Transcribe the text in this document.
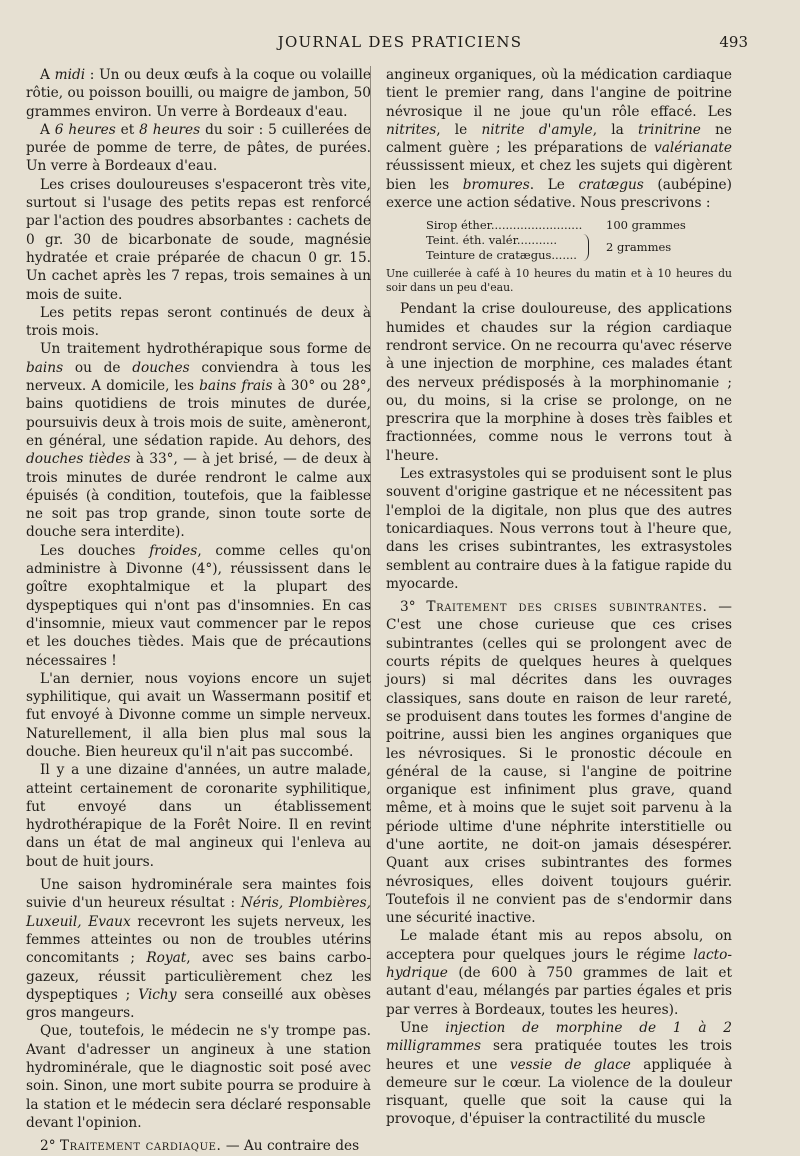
JOURNAL DES PRATICIENS	493

A midi : Un ou deux œufs à la coque ou volaille rôtie, ou poisson bouilli, ou maigre de jambon, 50 grammes environ. Un verre à Bordeaux d'eau.

A 6 heures et 8 heures du soir : 5 cuillerées de purée de pomme de terre, de pâtes, de purées. Un verre à Bordeaux d'eau.

Les crises douloureuses s'espaceront très vite, surtout si l'usage des petits repas est renforcé par l'action des poudres absorbantes : cachets de 0 gr. 30 de bicarbonate de soude, magnésie hydratée et craie préparée de chacun 0 gr. 15. Un cachet après les 7 repas, trois semaines à un mois de suite.

Les petits repas seront continués de deux à trois mois.

Un traitement hydrothérapique sous forme de bains ou de douches conviendra à tous les nerveux. A domicile, les bains frais à 30° ou 28°, bains quotidiens de trois minutes de durée, poursuivis deux à trois mois de suite, amèneront, en général, une sédation rapide. Au dehors, des douches tièdes à 33°, — à jet brisé, — de deux à trois minutes de durée rendront le calme aux épuisés (à condition, toutefois, que la faiblesse ne soit pas trop grande, sinon toute sorte de douche sera interdite).

Les douches froides, comme celles qu'on administre à Divonne (4°), réussissent dans le goître exophtalmique et la plupart des dyspeptiques qui n'ont pas d'insomnies. En cas d'insomnie, mieux vaut commencer par le repos et les douches tièdes. Mais que de précautions nécessaires !

L'an dernier, nous voyions encore un sujet syphilitique, qui avait un Wassermann positif et fut envoyé à Divonne comme un simple nerveux. Naturellement, il alla bien plus mal sous la douche. Bien heureux qu'il n'ait pas succombé.

Il y a une dizaine d'années, un autre malade, atteint certainement de coronarite syphilitique, fut envoyé dans un établissement hydrothérapique de la Forêt Noire. Il en revint dans un état de mal angineux qui l'enleva au bout de huit jours.

Une saison hydrominérale sera maintes fois suivie d'un heureux résultat : Néris, Plombières, Luxeuil, Evaux recevront les sujets nerveux, les femmes atteintes ou non de troubles utérins concomitants ; Royat, avec ses bains carbo-gazeux, réussit particulièrement chez les dyspeptiques ; Vichy sera conseillé aux obèses gros mangeurs.

Que, toutefois, le médecin ne s'y trompe pas. Avant d'adresser un angineux à une station hydrominérale, que le diagnostic soit posé avec soin. Sinon, une mort subite pourra se produire à la station et le médecin sera déclaré responsable devant l'opinion.

2° Traitement cardiaque. — Au contraire des

angineux organiques, où la médication cardiaque tient le premier rang, dans l'angine de poitrine névrosique il ne joue qu'un rôle effacé. Les nitrites, le nitrite d'amyle, la trinitrine ne calment guère ; les préparations de valérianate réussissent mieux, et chez les sujets qui digèrent bien les bromures. Le cratægus (aubépine) exerce une action sédative. Nous prescrivons :

Sirop éther......................... 100 grammes
Teint. éth. valér...........
Teinture de cratægus.......
2 grammes

Une cuillerée à café à 10 heures du matin et à 10 heures du soir dans un peu d'eau.

Pendant la crise douloureuse, des applications humides et chaudes sur la région cardiaque rendront service. On ne recourra qu'avec réserve à une injection de morphine, ces malades étant des nerveux prédisposés à la morphinomanie ; ou, du moins, si la crise se prolonge, on ne prescrira que la morphine à doses très faibles et fractionnées, comme nous le verrons tout à l'heure.

Les extrasystoles qui se produisent sont le plus souvent d'origine gastrique et ne nécessitent pas l'emploi de la digitale, non plus que des autres tonicardiaques. Nous verrons tout à l'heure que, dans les crises subintrantes, les extrasystoles semblent au contraire dues à la fatigue rapide du myocarde.

3° Traitement des crises subintrantes. — C'est une chose curieuse que ces crises subintrantes (celles qui se prolongent avec de courts répits de quelques heures à quelques jours) si mal décrites dans les ouvrages classiques, sans doute en raison de leur rareté, se produisent dans toutes les formes d'angine de poitrine, aussi bien les angines organiques que les névrosiques. Si le pronostic découle en général de la cause, si l'angine de poitrine organique est infiniment plus grave, quand même, et à moins que le sujet soit parvenu à la période ultime d'une néphrite interstitielle ou d'une aortite, ne doit-on jamais désespérer. Quant aux crises subintrantes des formes névrosiques, elles doivent toujours guérir. Toutefois il ne convient pas de s'endormir dans une sécurité inactive.

Le malade étant mis au repos absolu, on acceptera pour quelques jours le régime lacto-hydrique (de 600 à 750 grammes de lait et autant d'eau, mélangés par parties égales et pris par verres à Bordeaux, toutes les heures).

Une injection de morphine de 1 à 2 milligrammes sera pratiquée toutes les trois heures et une vessie de glace appliquée à demeure sur le cœur. La violence de la douleur risquant, quelle que soit la cause qui la provoque, d'épuiser la contractilité du muscle
